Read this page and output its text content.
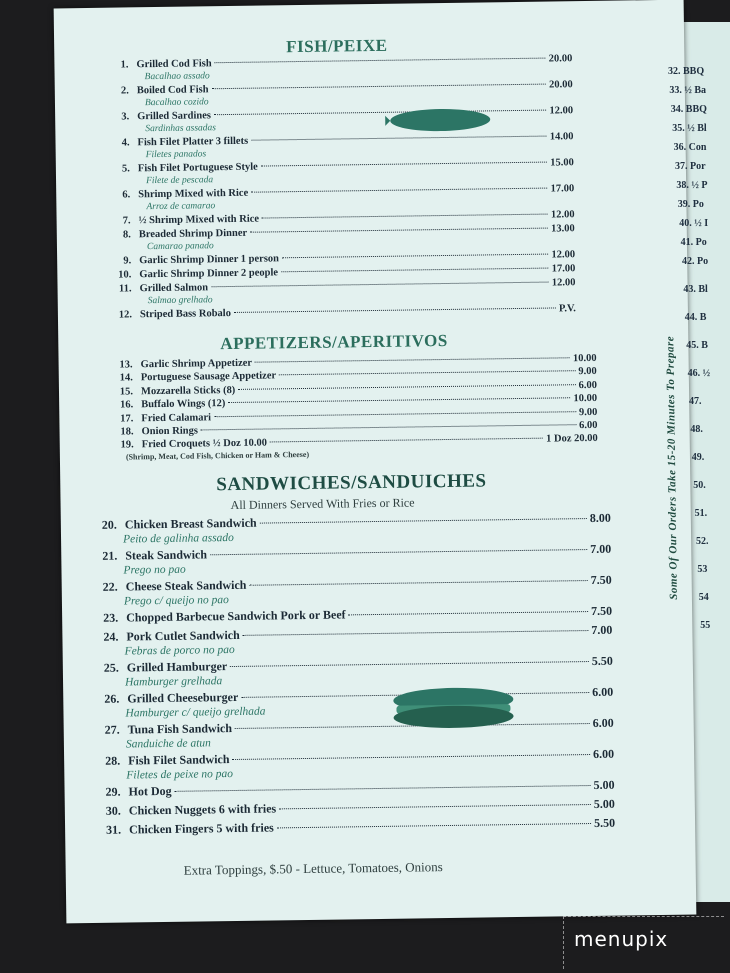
FISH/PEIXE
1. Grilled Cod Fish	20.00
Bacalhao assado
2. Boiled Cod Fish	20.00
Bacalhao cozido
3. Grilled Sardines	12.00
Sardinhas assadas
4. Fish Filet Platter 3 fillets	14.00
Filetes panados
5. Fish Filet Portuguese Style	15.00
Filete de pescada
6. Shrimp Mixed with Rice	17.00
Arroz de camarao
7. ½ Shrimp Mixed with Rice	12.00
8. Breaded Shrimp Dinner	13.00
Camarao panado
9. Garlic Shrimp Dinner 1 person	12.00
10. Garlic Shrimp Dinner 2 people	17.00
11. Grilled Salmon	12.00
Salmao grelhado
12. Striped Bass Robalo	P.V.
APPETIZERS/APERITIVOS
13. Garlic Shrimp Appetizer	10.00
14. Portuguese Sausage Appetizer	9.00
15. Mozzarella Sticks (8)	6.00
16. Buffalo Wings (12)	10.00
17. Fried Calamari	9.00
18. Onion Rings	6.00
19. Fried Croquets ½ Doz 10.00	1 Doz 20.00
(Shrimp, Meat, Cod Fish, Chicken or Ham & Cheese)
SANDWICHES/SANDUICHES
All Dinners Served With Fries or Rice
20. Chicken Breast Sandwich	8.00
Peito de galinha assado
21. Steak Sandwich	7.00
Prego no pao
22. Cheese Steak Sandwich	7.50
Prego c/ queijo no pao
23. Chopped Barbecue Sandwich Pork or Beef	7.50
24. Pork Cutlet Sandwich	7.00
Febras de porco no pao
25. Grilled Hamburger	5.50
Hamburger grelhada
26. Grilled Cheeseburger	6.00
Hamburger c/ queijo grelhada
27. Tuna Fish Sandwich	6.00
Sanduiche de atun
28. Fish Filet Sandwich	6.00
Filetes de peixe no pao
29. Hot Dog	5.00
30. Chicken Nuggets 6 with fries	5.00
31. Chicken Fingers 5 with fries	5.50
Extra Toppings, $.50 - Lettuce, Tomatoes, Onions
Some Of Our Orders Take 15-20 Minutes To Prepare
32. BBQ
33. ½ Ba
34. BBQ
35. ½ Bl
36. Con
37. Por
38. ½ P
39. Po
40. ½ I
41. Po
42. Po
43. Bl
44. B
45. B
46. ½
47.
48.
49.
50.
51.
52.
53
54
55
menupix
